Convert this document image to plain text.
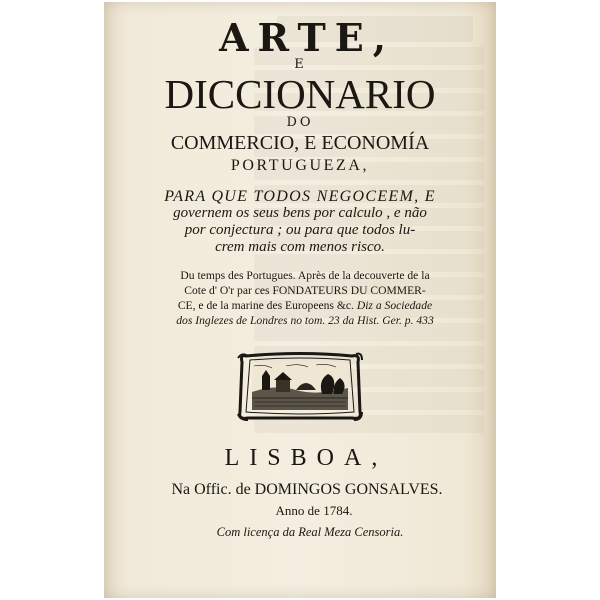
ARTE,
E
DICCIONARIO
DO
COMMERCIO, E ECONOMÍA
PORTUGUEZA,
PARA QUE TODOS NEGOCEEM, E
governem os seus bens por calculo , e não
por conjectura ; ou para que todos lu-
crem mais com menos risco.
Du temps des Portugues. Après de la decouverte de la
Cote d' O'r par ces FONDATEURS DU COMMER-
CE, e de la marine des Europeens &c. Diz a Sociedade
dos Inglezes de Londres no tom. 23 da Hist. Ger. p. 433
LISBOA,
Na Offic. de DOMINGOS GONSALVES.
Anno de 1784.
Com licença da Real Meza Censoria.
